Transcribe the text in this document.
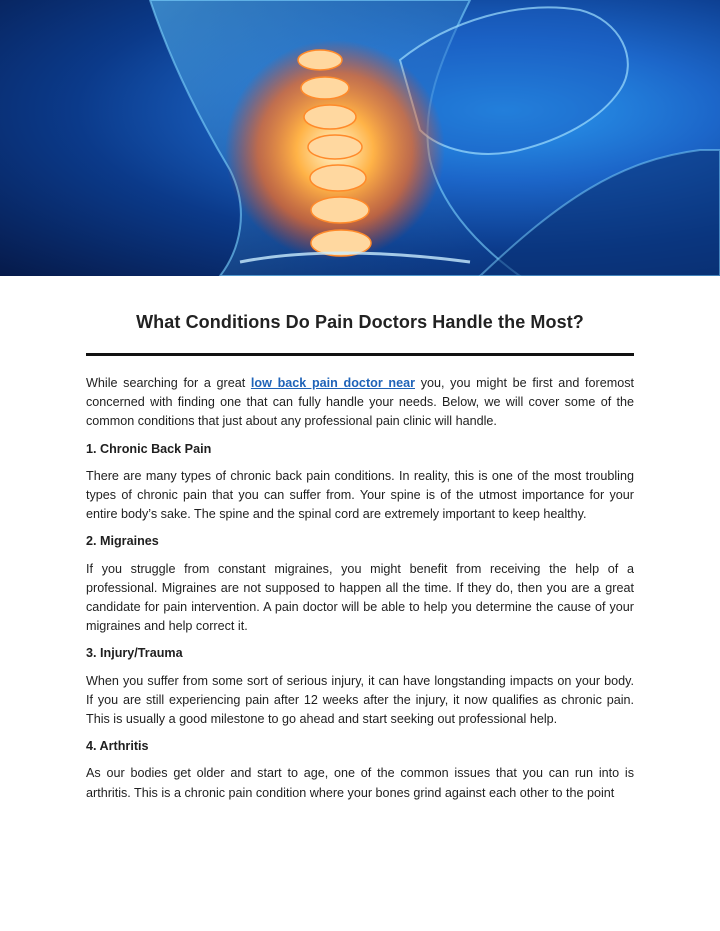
What Conditions Do Pain Doctors Handle the Most?

While searching for a great low back pain doctor near you, you might be first and foremost concerned with finding one that can fully handle your needs. Below, we will cover some of the common conditions that just about any professional pain clinic will handle.

1. Chronic Back Pain

There are many types of chronic back pain conditions. In reality, this is one of the most troubling types of chronic pain that you can suffer from. Your spine is of the utmost importance for your entire body’s sake. The spine and the spinal cord are extremely important to keep healthy.

2. Migraines

If you struggle from constant migraines, you might benefit from receiving the help of a professional. Migraines are not supposed to happen all the time. If they do, then you are a great candidate for pain intervention. A pain doctor will be able to help you determine the cause of your migraines and help correct it.

3. Injury/Trauma

When you suffer from some sort of serious injury, it can have longstanding impacts on your body. If you are still experiencing pain after 12 weeks after the injury, it now qualifies as chronic pain. This is usually a good milestone to go ahead and start seeking out professional help.

4. Arthritis

As our bodies get older and start to age, one of the common issues that you can run into is arthritis. This is a chronic pain condition where your bones grind against each other to the point
